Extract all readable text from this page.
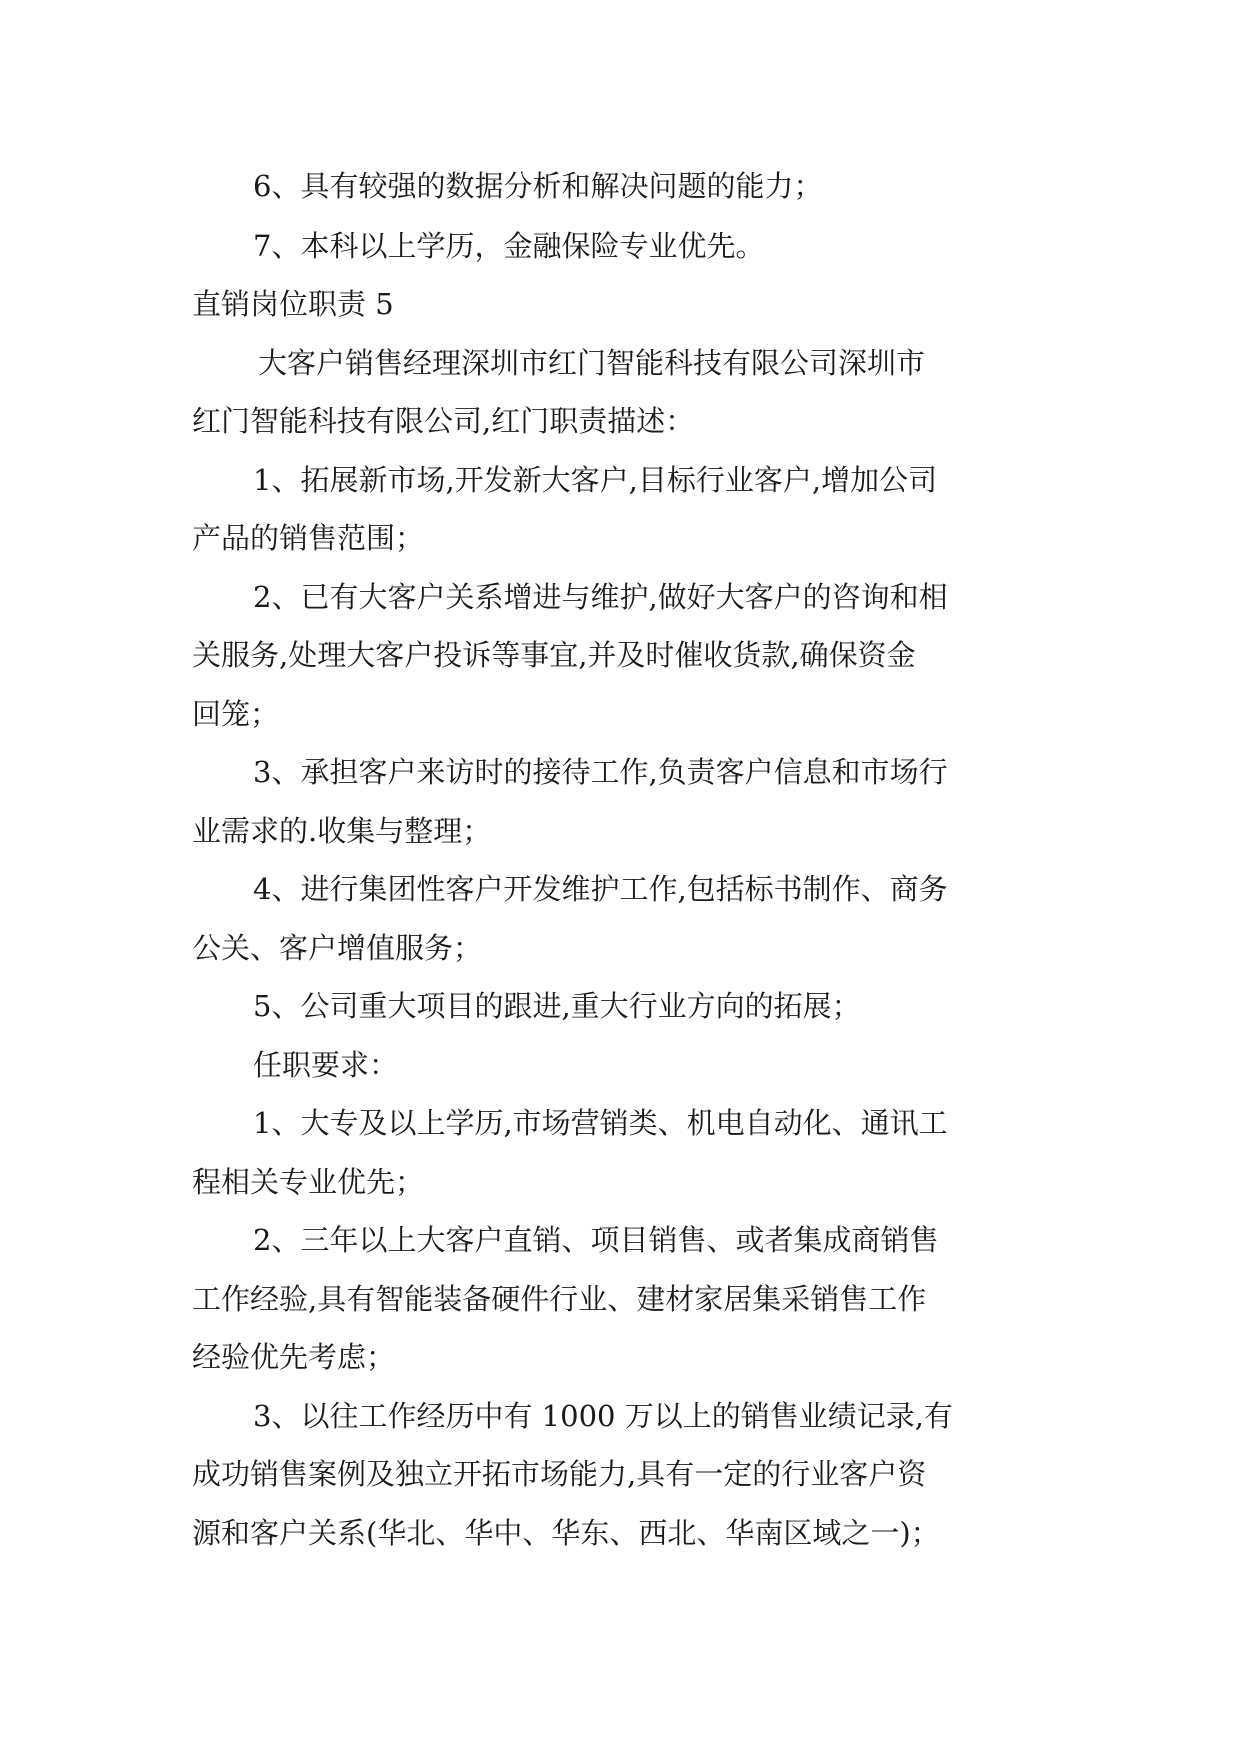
6、具有较强的数据分析和解决问题的能力；
7、本科以上学历，金融保险专业优先。
直销岗位职责 5
大客户销售经理深圳市红门智能科技有限公司深圳市
红门智能科技有限公司,红门职责描述：
1、拓展新市场,开发新大客户,目标行业客户,增加公司
产品的销售范围；
2、已有大客户关系增进与维护,做好大客户的咨询和相
关服务,处理大客户投诉等事宜,并及时催收货款,确保资金
回笼；
3、承担客户来访时的接待工作,负责客户信息和市场行
业需求的.收集与整理；
4、进行集团性客户开发维护工作,包括标书制作、商务
公关、客户增值服务；
5、公司重大项目的跟进,重大行业方向的拓展；
任职要求：
1、大专及以上学历,市场营销类、机电自动化、通讯工
程相关专业优先；
2、三年以上大客户直销、项目销售、或者集成商销售
工作经验,具有智能装备硬件行业、建材家居集采销售工作
经验优先考虑；
3、以往工作经历中有 1000 万以上的销售业绩记录,有
成功销售案例及独立开拓市场能力,具有一定的行业客户资
源和客户关系(华北、华中、华东、西北、华南区域之一)；
